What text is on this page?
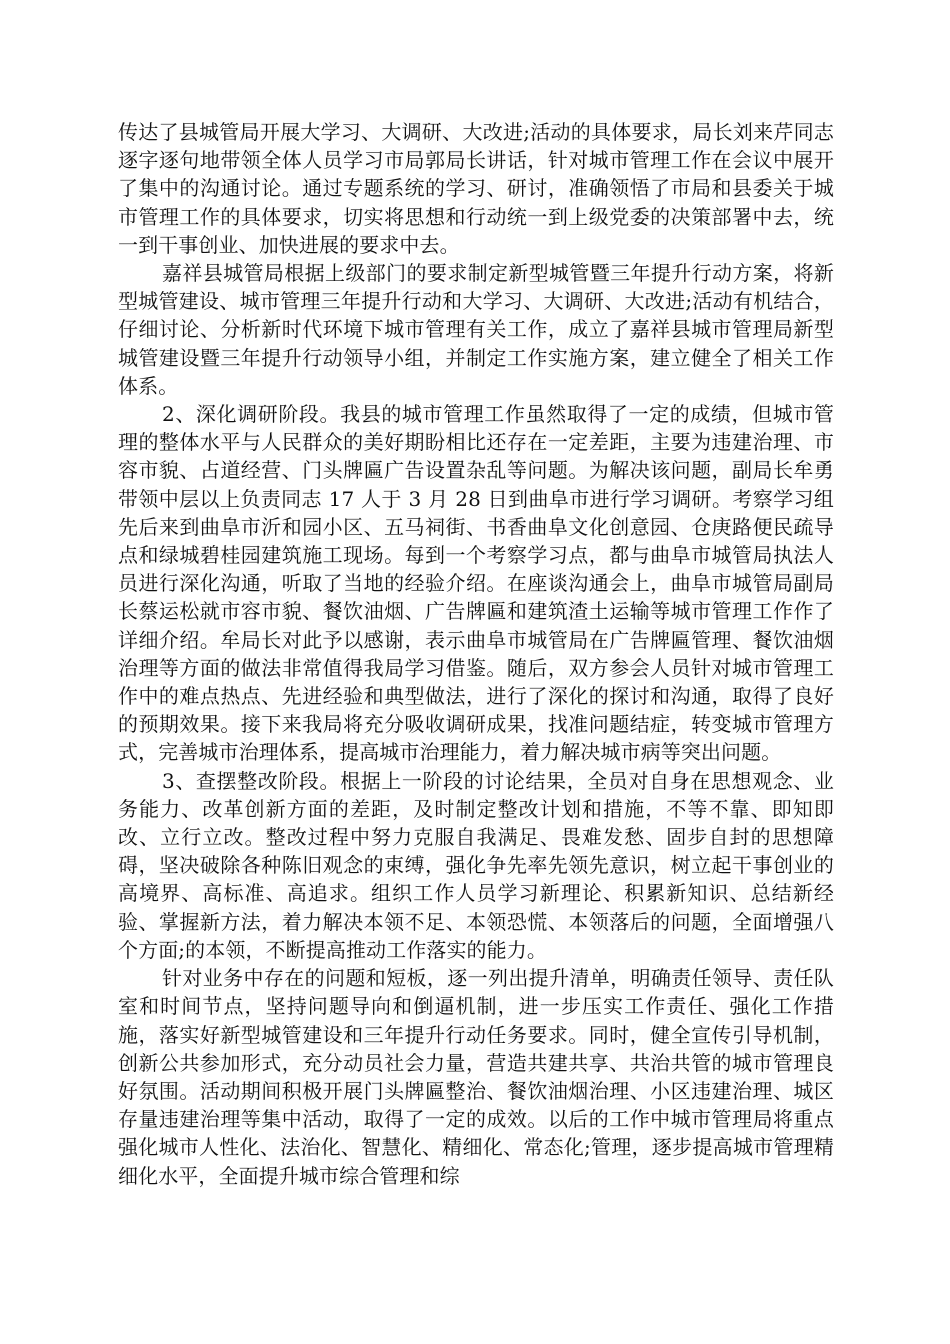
传达了县城管局开展大学习、大调研、大改进;活动的具体要求，局长刘来芹同志逐字逐句地带领全体人员学习市局郭局长讲话，针对城市管理工作在会议中展开了集中的沟通讨论。通过专题系统的学习、研讨，准确领悟了市局和县委关于城市管理工作的具体要求，切实将思想和行动统一到上级党委的决策部署中去，统一到干事创业、加快进展的要求中去。

嘉祥县城管局根据上级部门的要求制定新型城管暨三年提升行动方案，将新型城管建设、城市管理三年提升行动和大学习、大调研、大改进;活动有机结合，仔细讨论、分析新时代环境下城市管理有关工作，成立了嘉祥县城市管理局新型城管建设暨三年提升行动领导小组，并制定工作实施方案，建立健全了相关工作体系。

2、深化调研阶段。我县的城市管理工作虽然取得了一定的成绩，但城市管理的整体水平与人民群众的美好期盼相比还存在一定差距，主要为违建治理、市容市貌、占道经营、门头牌匾广告设置杂乱等问题。为解决该问题，副局长牟勇带领中层以上负责同志 17 人于 3 月 28 日到曲阜市进行学习调研。考察学习组先后来到曲阜市沂和园小区、五马祠街、书香曲阜文化创意园、仓庚路便民疏导点和绿城碧桂园建筑施工现场。每到一个考察学习点，都与曲阜市城管局执法人员进行深化沟通，听取了当地的经验介绍。在座谈沟通会上，曲阜市城管局副局长蔡运松就市容市貌、餐饮油烟、广告牌匾和建筑渣土运输等城市管理工作作了详细介绍。牟局长对此予以感谢，表示曲阜市城管局在广告牌匾管理、餐饮油烟治理等方面的做法非常值得我局学习借鉴。随后，双方参会人员针对城市管理工作中的难点热点、先进经验和典型做法，进行了深化的探讨和沟通，取得了良好的预期效果。接下来我局将充分吸收调研成果，找准问题结症，转变城市管理方式，完善城市治理体系，提高城市治理能力，着力解决城市病等突出问题。

3、查摆整改阶段。根据上一阶段的讨论结果，全员对自身在思想观念、业务能力、改革创新方面的差距，及时制定整改计划和措施，不等不靠、即知即改、立行立改。整改过程中努力克服自我满足、畏难发愁、固步自封的思想障碍，坚决破除各种陈旧观念的束缚，强化争先率先领先意识，树立起干事创业的高境界、高标准、高追求。组织工作人员学习新理论、积累新知识、总结新经验、掌握新方法，着力解决本领不足、本领恐慌、本领落后的问题，全面增强八个方面;的本领，不断提高推动工作落实的能力。

针对业务中存在的问题和短板，逐一列出提升清单，明确责任领导、责任队室和时间节点，坚持问题导向和倒逼机制，进一步压实工作责任、强化工作措施，落实好新型城管建设和三年提升行动任务要求。同时，健全宣传引导机制，创新公共参加形式，充分动员社会力量，营造共建共享、共治共管的城市管理良好氛围。活动期间积极开展门头牌匾整治、餐饮油烟治理、小区违建治理、城区存量违建治理等集中活动，取得了一定的成效。以后的工作中城市管理局将重点强化城市人性化、法治化、智慧化、精细化、常态化;管理，逐步提高城市管理精细化水平，全面提升城市综合管理和综
